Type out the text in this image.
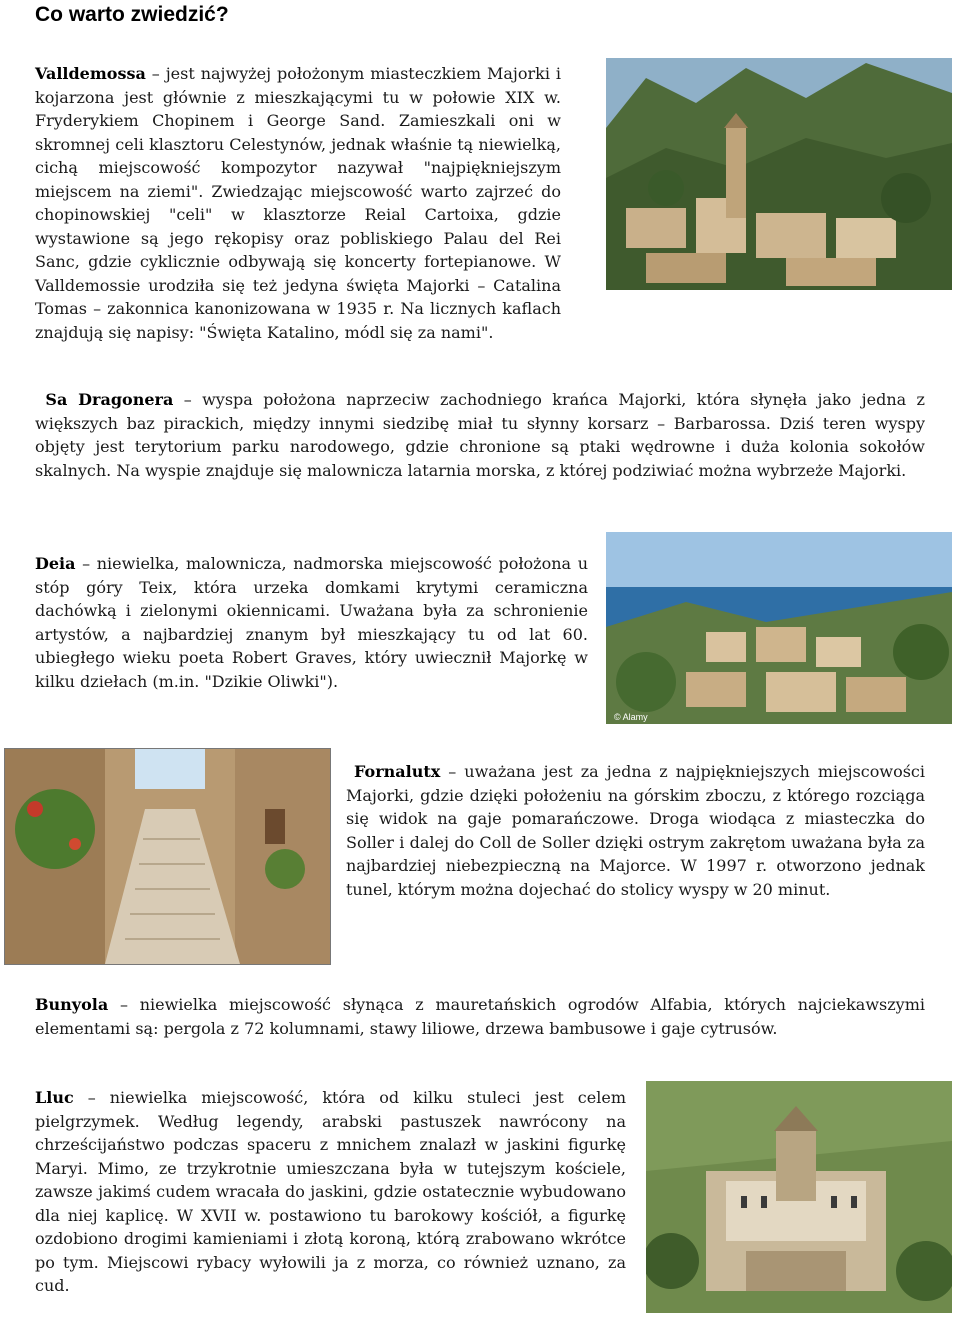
Co warto zwiedzić?

Valldemossa – jest najwyżej położonym miasteczkiem Majorki i kojarzona jest głównie z mieszkającymi tu w połowie XIX w. Fryderykiem Chopinem i George Sand. Zamieszkali oni w skromnej celi klasztoru Celestynów, jednak właśnie tą niewielką, cichą miejscowość kompozytor nazywał "najpiękniejszym miejscem na ziemi". Zwiedzając miejscowość warto zajrzeć do chopinowskiej "celi" w klasztorze Reial Cartoixa, gdzie wystawione są jego rękopisy oraz pobliskiego Palau del Rei Sanc, gdzie cyklicznie odbywają się koncerty fortepianowe. W Valldemossie urodziła się też jedyna święta Majorki – Catalina Tomas – zakonnica kanonizowana w 1935 r. Na licznych kaflach znajdują się napisy: "Święta Katalino, módl się za nami".

Sa Dragonera – wyspa położona naprzeciw zachodniego krańca Majorki, która słynęła jako jedna z większych baz pirackich, między innymi siedzibę miał tu słynny korsarz – Barbarossa. Dziś teren wyspy objęty jest terytorium parku narodowego, gdzie chronione są ptaki wędrowne i duża kolonia sokołów skalnych. Na wyspie znajduje się malownicza latarnia morska, z której podziwiać można wybrzeże Majorki.

Deia – niewielka, malownicza, nadmorska miejscowość położona u stóp góry Teix, która urzeka domkami krytymi ceramiczna dachówką i zielonymi okiennicami. Uważana była za schronienie artystów, a najbardziej znanym był mieszkający tu od lat 60. ubiegłego wieku poeta Robert Graves, który uwiecznił Majorkę w kilku dziełach (m.in. "Dzikie Oliwki").

© Alamy

Fornalutx – uważana jest za jedna z najpiękniejszych miejscowości Majorki, gdzie dzięki położeniu na górskim zboczu, z którego rozciąga się widok na gaje pomarańczowe. Droga wiodąca z miasteczka do Soller i dalej do Coll de Soller dzięki ostrym zakrętom uważana była za najbardziej niebezpieczną na Majorce. W 1997 r. otworzono jednak tunel, którym można dojechać do stolicy wyspy w 20 minut.

Bunyola – niewielka miejscowość słynąca z mauretańskich ogrodów Alfabia, których najciekawszymi elementami są: pergola z 72 kolumnami, stawy liliowe, drzewa bambusowe i gaje cytrusów.

Lluc – niewielka miejscowość, która od kilku stuleci jest celem pielgrzymek. Według legendy, arabski pastuszek nawrócony na chrześcijaństwo podczas spaceru z mnichem znalazł w jaskini figurkę Maryi. Mimo, ze trzykrotnie umieszczana była w tutejszym kościele, zawsze jakimś cudem wracała do jaskini, gdzie ostatecznie wybudowano dla niej kaplicę. W XVII w. postawiono tu barokowy kościół, a figurkę ozdobiono drogimi kamieniami i złotą koroną, którą zrabowano wkrótce po tym. Miejscowi rybacy wyłowili ja z morza, co również uznano, za cud.
